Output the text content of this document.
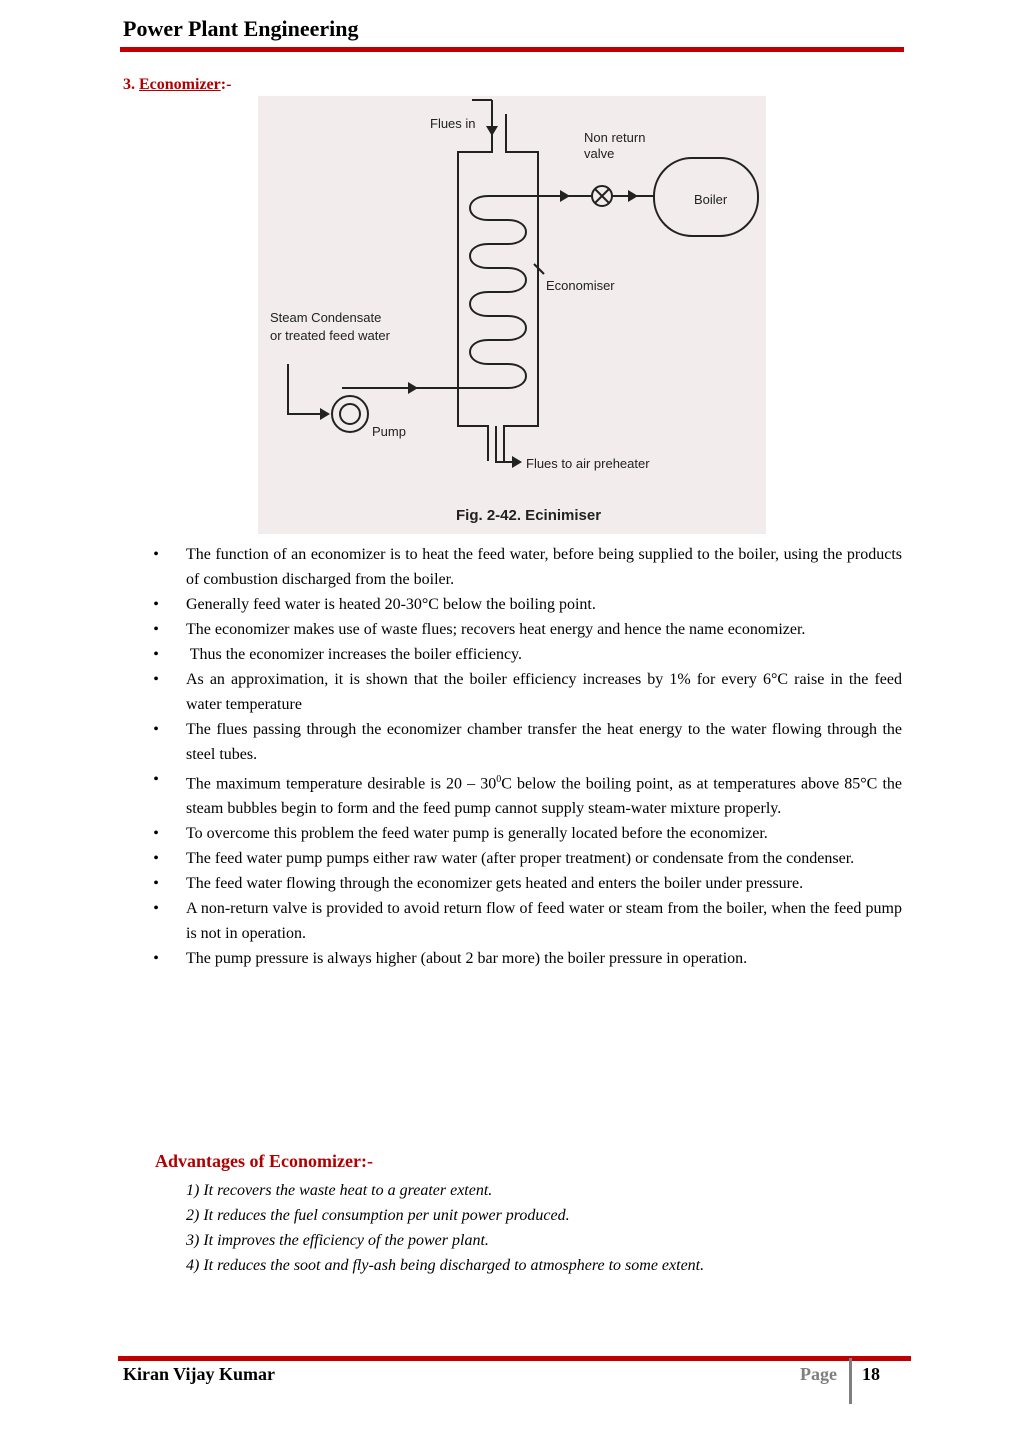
Power Plant Engineering
3. Economizer:-
Flues in
Non return
valve
Boiler
Economiser
Steam Condensate
or treated feed water
Pump
Flues to air preheater
Fig. 2-42. Ecinimiser
• The function of an economizer is to heat the feed water, before being supplied to the boiler, using the products of combustion discharged from the boiler.
• Generally feed water is heated 20-30°C below the boiling point.
• The economizer makes use of waste flues; recovers heat energy and hence the name economizer.
• Thus the economizer increases the boiler efficiency.
• As an approximation, it is shown that the boiler efficiency increases by 1% for every 6°C raise in the feed water temperature
• The flues passing through the economizer chamber transfer the heat energy to the water flowing through the steel tubes.
• The maximum temperature desirable is $20 - 30^0C$ below the boiling point, as at temperatures above 85°C the steam bubbles begin to form and the feed pump cannot supply steam-water mixture properly.
• To overcome this problem the feed water pump is generally located before the economizer.
• The feed water pump pumps either raw water (after proper treatment) or condensate from the condenser.
• The feed water flowing through the economizer gets heated and enters the boiler under pressure.
• A non-return valve is provided to avoid return flow of feed water or steam from the boiler, when the feed pump is not in operation.
• The pump pressure is always higher (about 2 bar more) the boiler pressure in operation.
Advantages of Economizer:-
1) It recovers the waste heat to a greater extent.
2) It reduces the fuel consumption per unit power produced.
3) It improves the efficiency of the power plant.
4) It reduces the soot and fly-ash being discharged to atmosphere to some extent.
Kiran Vijay Kumar	Page 18
